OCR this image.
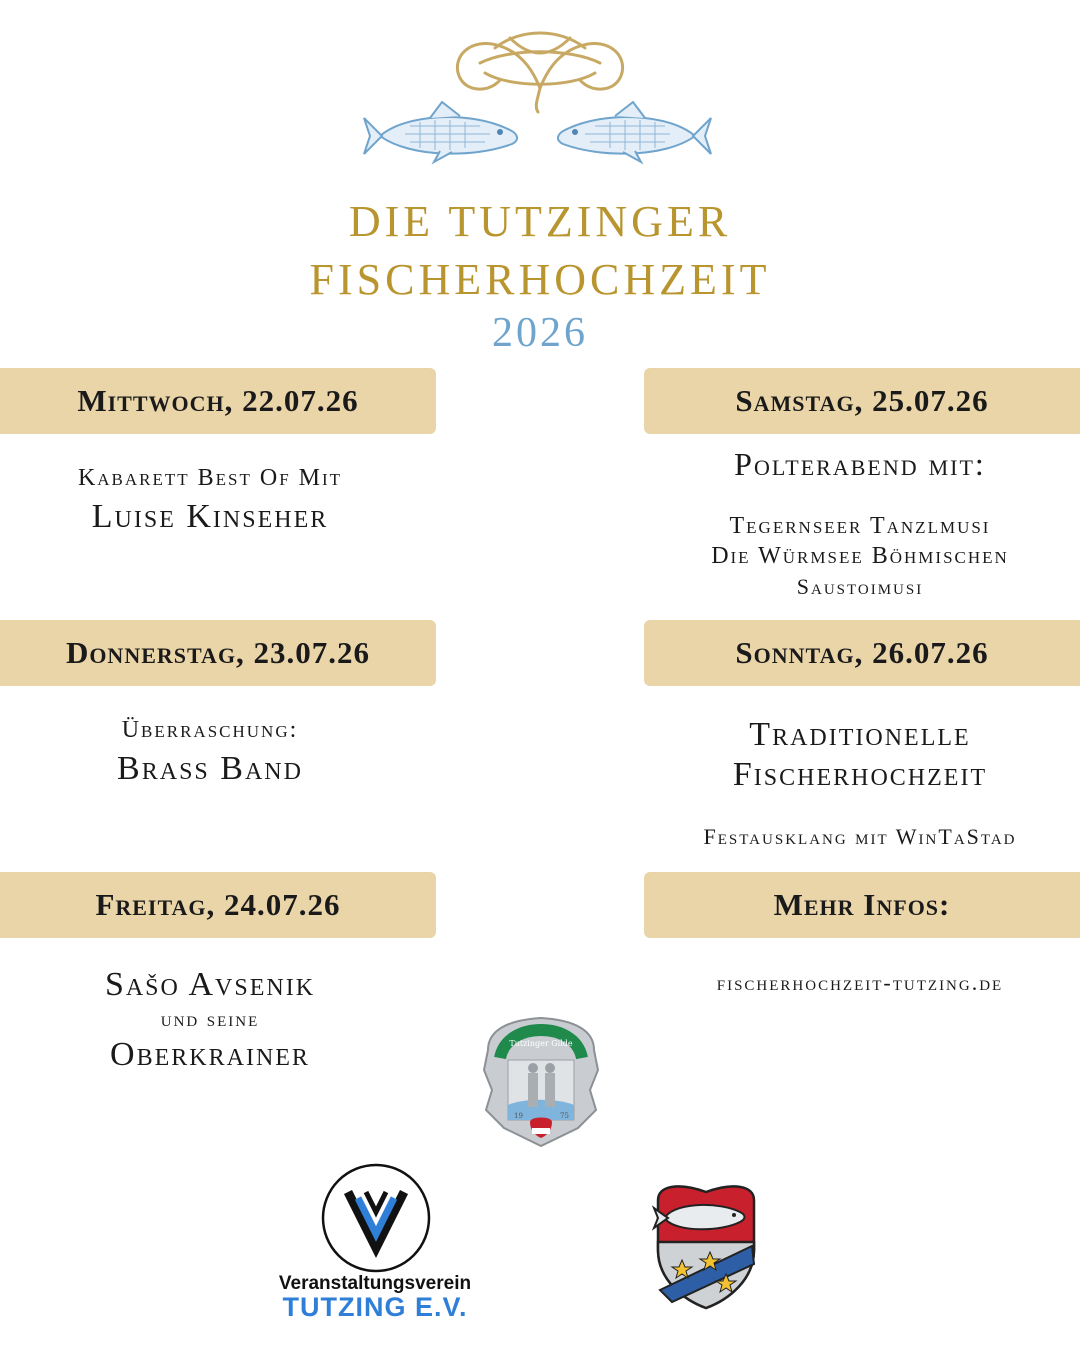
DIE TUTZINGER
FISCHERHOCHZEIT
2026
Mittwoch, 22.07.26
Kabarett Best Of Mit
Luise Kinseher
Donnerstag, 23.07.26
Überraschung:
Brass Band
Freitag, 24.07.26
Sašo Avsenik
und seine
Oberkrainer
Samstag, 25.07.26
Polterabend mit:
Tegernseer Tanzlmusi
Die Würmsee Böhmischen
Saustoimusi
Sonntag, 26.07.26
Traditionelle
Fischerhochzeit
Festausklang mit WinTaStad
Mehr Infos:
fischerhochzeit-tutzing.de
Tutzinger Gilde
19	75
Veranstaltungsverein
TUTZING E.V.
